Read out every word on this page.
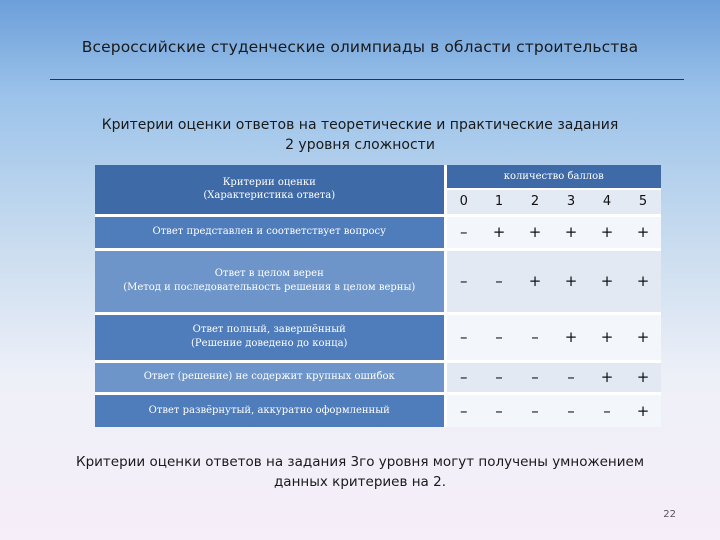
Всероссийские студенческие олимпиады в области строительства
Критерии оценки ответов на теоретические и практические задания
2 уровня сложности
Критерии оценки
(Характеристика ответа)	количество баллов					
	0	1	2	3	4	5

Ответ представлен и соответствует вопросу	–	+	+	+	+	+

Ответ в целом верен
(Метод и последовательность решения в целом верны)	–	–	+	+	+	+

Ответ полный, завершённый
(Решение доведено до конца)	–	–	–	+	+	+

Ответ (решение) не содержит крупных ошибок	–	–	–	–	+	+

Ответ развёрнутый, аккуратно оформленный	–	–	–	–	–	+
Критерии оценки ответов на задания 3го уровня могут получены умножением
данных критериев на 2.
22
